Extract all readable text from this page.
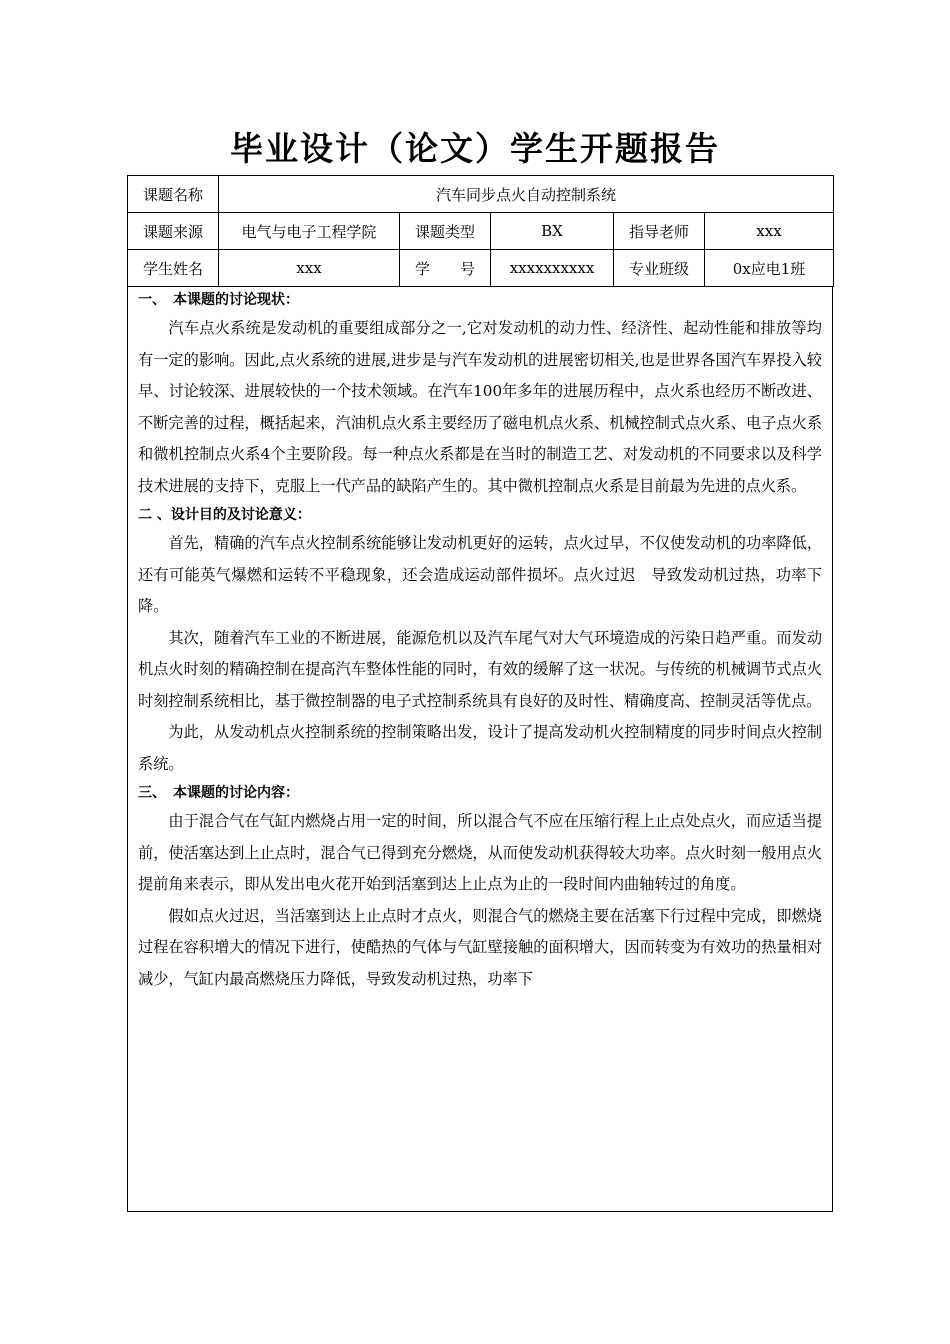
毕业设计（论文）学生开题报告
课题名称	汽车同步点火自动控制系统				
课题来源	电气与电子工程学院	课题类型	BX	指导老师	xxx
学生姓名	xxx	学　　号	xxxxxxxxxx	专业班级	0x应电1班

一、　本课题的讨论现状：

汽车点火系统是发动机的重要组成部分之一,它对发动机的动力性、经济性、起动性能和排放等均有一定的影响。因此,点火系统的进展,进步是与汽车发动机的进展密切相关,也是世界各国汽车界投入较早、讨论较深、进展较快的一个技术领域。在汽车100年多年的进展历程中，点火系也经历不断改进、不断完善的过程，概括起来，汽油机点火系主要经历了磁电机点火系、机械控制式点火系、电子点火系和微机控制点火系4个主要阶段。每一种点火系都是在当时的制造工艺、对发动机的不同要求以及科学技术进展的支持下，克服上一代产品的缺陷产生的。其中微机控制点火系是目前最为先进的点火系。

二 、设计目的及讨论意义：

首先，精确的汽车点火控制系统能够让发动机更好的运转，点火过早，不仅使发动机的功率降低，还有可能英气爆燃和运转不平稳现象，还会造成运动部件损坏。点火过迟　导致发动机过热，功率下降。

其次，随着汽车工业的不断进展，能源危机以及汽车尾气对大气环境造成的污染日趋严重。而发动机点火时刻的精确控制在提高汽车整体性能的同时，有效的缓解了这一状况。与传统的机械调节式点火时刻控制系统相比，基于微控制器的电子式控制系统具有良好的及时性、精确度高、控制灵活等优点。

为此，从发动机点火控制系统的控制策略出发，设计了提高发动机火控制精度的同步时间点火控制系统。

三、　本课题的讨论内容：

由于混合气在气缸内燃烧占用一定的时间，所以混合气不应在压缩行程上止点处点火，而应适当提前，使活塞达到上止点时，混合气已得到充分燃烧，从而使发动机获得较大功率。点火时刻一般用点火提前角来表示，即从发出电火花开始到活塞到达上止点为止的一段时间内曲轴转过的角度。

假如点火过迟，当活塞到达上止点时才点火，则混合气的燃烧主要在活塞下行过程中完成，即燃烧过程在容积增大的情况下进行，使酷热的气体与气缸壁接触的面积增大，因而转变为有效功的热量相对减少，气缸内最高燃烧压力降低，导致发动机过热，功率下
